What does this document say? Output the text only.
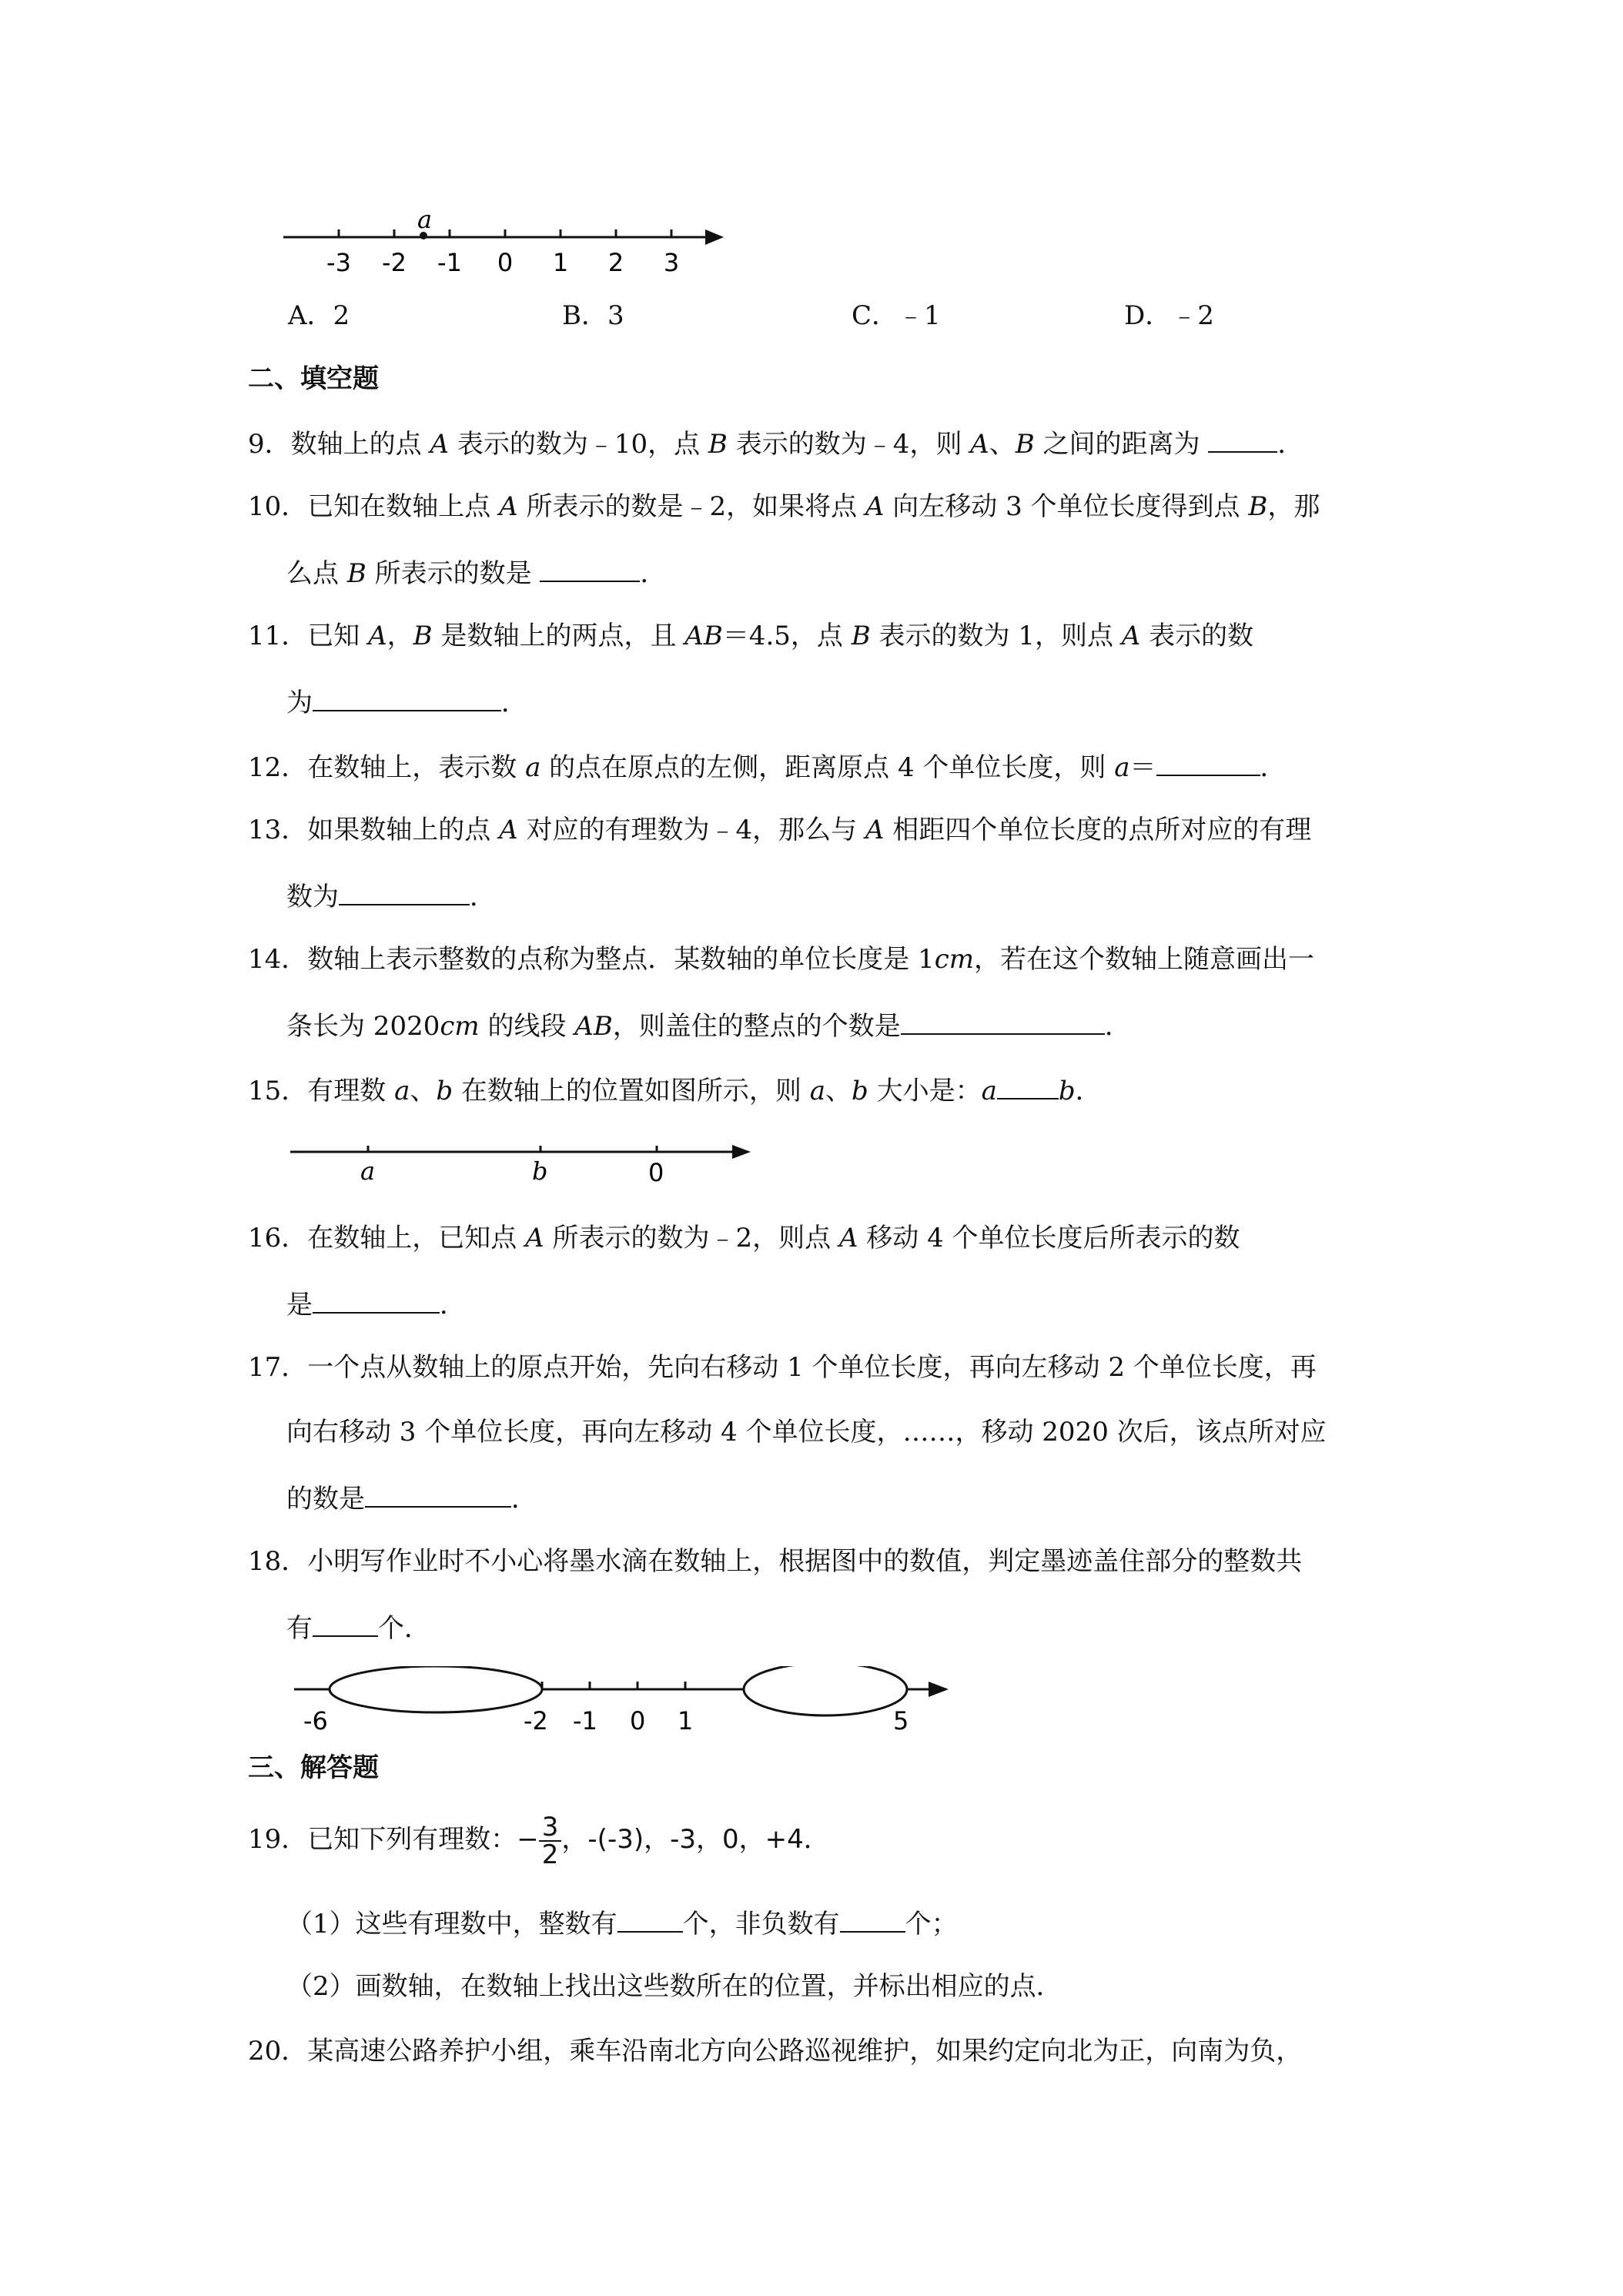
-3 -2 -1 0 1 2 3
a
A．2	B．3	C．﹣1	D．﹣2
二、填空题
9．数轴上的点 A 表示的数为﹣10，点 B 表示的数为﹣4，则 A、B 之间的距离为	．
10．已知在数轴上点 A 所表示的数是﹣2，如果将点 A 向左移动 3 个单位长度得到点 B，那
么点 B 所表示的数是	．
11．已知 A，B 是数轴上的两点，且 AB＝4.5，点 B 表示的数为 1，则点 A 表示的数
为	．
12．在数轴上，表示数 a 的点在原点的左侧，距离原点 4 个单位长度，则 a＝	．
13．如果数轴上的点 A 对应的有理数为﹣4，那么与 A 相距四个单位长度的点所对应的有理
数为	．
14．数轴上表示整数的点称为整点．某数轴的单位长度是 1cm，若在这个数轴上随意画出一
条长为 2020cm 的线段 AB，则盖住的整点的个数是	．
15．有理数 a、b 在数轴上的位置如图所示，则 a、b 大小是：a b．
a	b	0
16．在数轴上，已知点 A 所表示的数为﹣2，则点 A 移动 4 个单位长度后所表示的数
是	．
17．一个点从数轴上的原点开始，先向右移动 1 个单位长度，再向左移动 2 个单位长度，再
向右移动 3 个单位长度，再向左移动 4 个单位长度，……，移动 2020 次后，该点所对应
的数是	．
18．小明写作业时不小心将墨水滴在数轴上，根据图中的数值，判定墨迹盖住部分的整数共
有	个．
-6	-2 -1 0 1	5
三、解答题
19．已知下列有理数：− $\frac{3}{2}$ ，-(-3)，-3，0，+4．
（1）这些有理数中，整数有	个，非负数有	个；
（2）画数轴，在数轴上找出这些数所在的位置，并标出相应的点．
20．某高速公路养护小组，乘车沿南北方向公路巡视维护，如果约定向北为正，向南为负，
